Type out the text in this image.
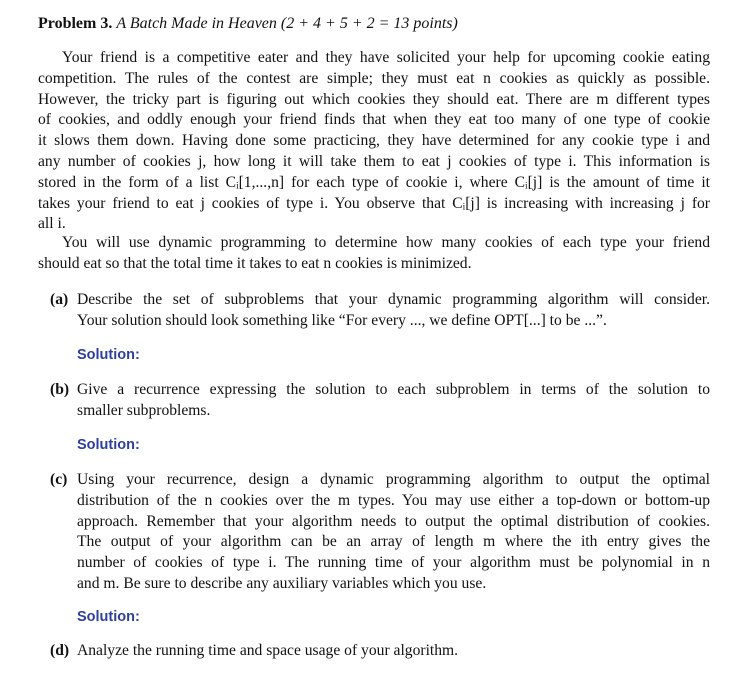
Problem 3. A Batch Made in Heaven (2 + 4 + 5 + 2 = 13 points)
Your friend is a competitive eater and they have solicited your help for upcoming cookie eating
competition. The rules of the contest are simple; they must eat n cookies as quickly as possible.
However, the tricky part is figuring out which cookies they should eat. There are m different types
of cookies, and oddly enough your friend finds that when they eat too many of one type of cookie
it slows them down. Having done some practicing, they have determined for any cookie type i and
any number of cookies j, how long it will take them to eat j cookies of type i. This information is
stored in the form of a list Cᵢ[1,...,n] for each type of cookie i, where Cᵢ[j] is the amount of time it
takes your friend to eat j cookies of type i. You observe that Cᵢ[j] is increasing with increasing j for
all i.
You will use dynamic programming to determine how many cookies of each type your friend
should eat so that the total time it takes to eat n cookies is minimized.
(a) Describe the set of subproblems that your dynamic programming algorithm will consider.
Your solution should look something like “For every ..., we define OPT[...] to be ...”.
Solution:
(b) Give a recurrence expressing the solution to each subproblem in terms of the solution to
smaller subproblems.
Solution:
(c) Using your recurrence, design a dynamic programming algorithm to output the optimal
distribution of the n cookies over the m types. You may use either a top-down or bottom-up
approach. Remember that your algorithm needs to output the optimal distribution of cookies.
The output of your algorithm can be an array of length m where the ith entry gives the
number of cookies of type i. The running time of your algorithm must be polynomial in n
and m. Be sure to describe any auxiliary variables which you use.
Solution:
(d) Analyze the running time and space usage of your algorithm.
